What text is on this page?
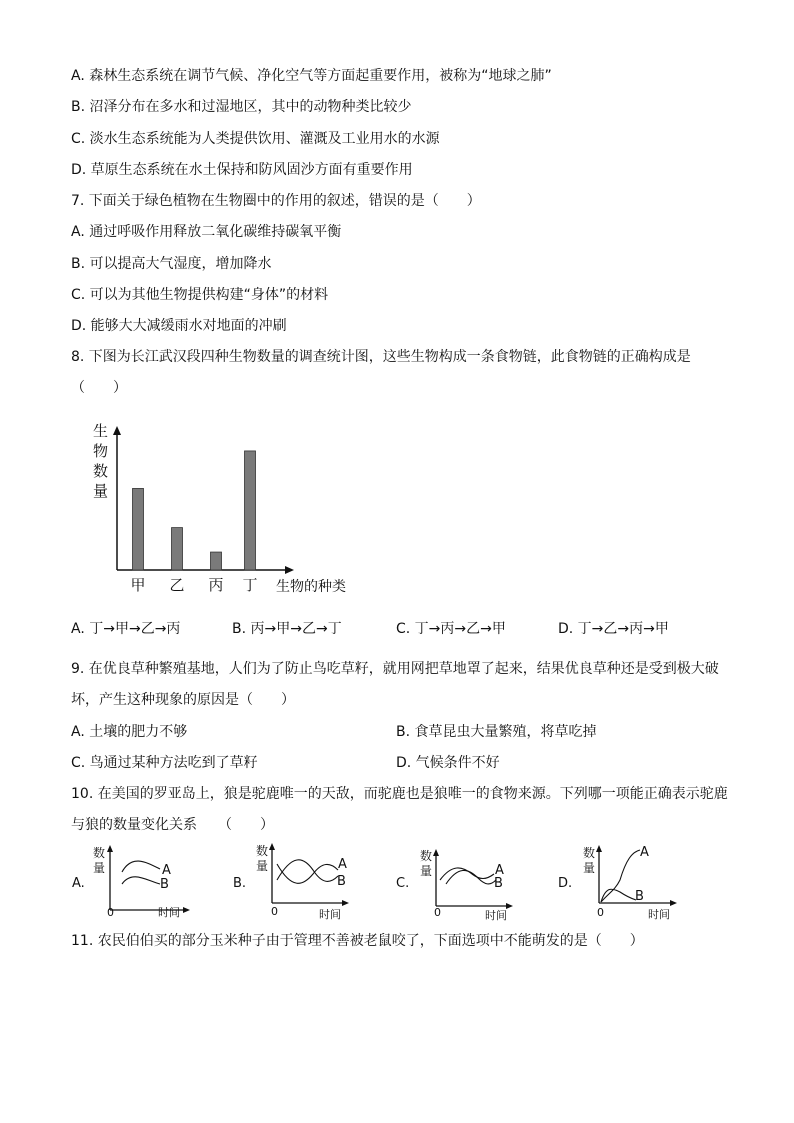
A. 森林生态系统在调节气候、净化空气等方面起重要作用，被称为“地球之肺”
B. 沼泽分布在多水和过湿地区，其中的动物种类比较少
C. 淡水生态系统能为人类提供饮用、灌溉及工业用水的水源
D. 草原生态系统在水土保持和防风固沙方面有重要作用
7. 下面关于绿色植物在生物圈中的作用的叙述，错误的是（　　）
A. 通过呼吸作用释放二氧化碳维持碳氧平衡
B. 可以提高大气湿度，增加降水
C. 可以为其他生物提供构建“身体”的材料
D. 能够大大减缓雨水对地面的冲刷
8. 下图为长江武汉段四种生物数量的调查统计图，这些生物构成一条食物链，此食物链的正确构成是
（　　）
生
物
数
量
甲 乙 丙 丁 生物的种类
A. 丁→甲→乙→丙	B. 丙→甲→乙→丁	C. 丁→丙→乙→甲	D. 丁→乙→丙→甲
9. 在优良草种繁殖基地，人们为了防止鸟吃草籽，就用网把草地罩了起来，结果优良草种还是受到极大破
坏，产生这种现象的原因是（　　）
A. 土壤的肥力不够	B. 食草昆虫大量繁殖，将草吃掉
C. 鸟通过某种方法吃到了草籽	D. 气候条件不好
10. 在美国的罗亚岛上，狼是驼鹿唯一的天敌，而驼鹿也是狼唯一的食物来源。下列哪一项能正确表示驼鹿
与狼的数量变化关系　　（　　）
A.
数
量	A
B
0	时间
B.
数
量	A
B
0	时间
C.
数
量	A
B
0	时间
D.
数
量
A
B
0	时间
11. 农民伯伯买的部分玉米种子由于管理不善被老鼠咬了，下面选项中不能萌发的是（　　）
